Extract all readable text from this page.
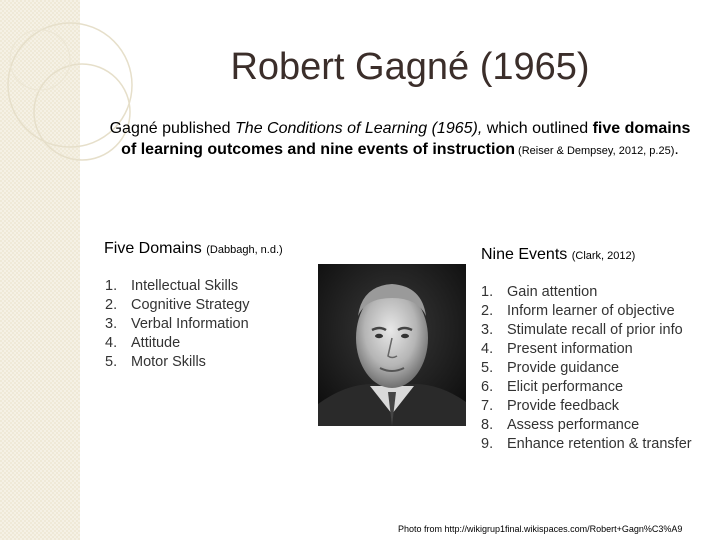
Robert Gagné (1965)

Gagné published The Conditions of Learning (1965), which outlined five domains of learning outcomes and nine events of instruction (Reiser & Dempsey, 2012, p.25).

Five Domains (Dabbagh, n.d.)
1. Intellectual Skills
2. Cognitive Strategy
3. Verbal Information
4. Attitude
5. Motor Skills
Nine Events (Clark, 2012)
1. Gain attention
2. Inform learner of objective
3. Stimulate recall of prior info
4. Present information
5. Provide guidance
6. Elicit performance
7. Provide feedback
8. Assess performance
9. Enhance retention & transfer
Photo from http://wikigrup1final.wikispaces.com/Robert+Gagn%C3%A9
